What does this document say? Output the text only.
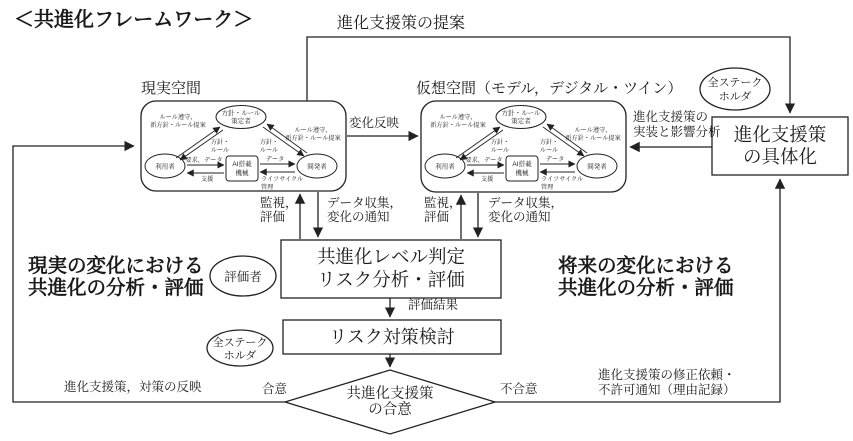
＜共進化フレームワーク＞	進化支援策の提案
現実空間	仮想空間（モデル，デジタル・ツイン）
方針・ルール
策定者
利用者	開発者
AI搭載
機械
ルール遵守，
新方針・ルール提案
ルール遵守，
新方針・ルール提案
方針・
ルール
方針・
ルール
要求，データ
支援
データ
ライフサイクル
管理
方針・ルール
策定者
利用者	開発者
AI搭載
機械
ルール遵守，
新方針・ルール提案
ルール遵守，
新方針・ルール提案
方針・
ルール
方針・
ルール
要求，データ
支援
データ
ライフサイクル
管理
変化反映
全ステーク
ホルダ
進化支援策
の具体化
進化支援策の
実装と影響分析
監視，
評価
データ収集，
変化の通知
監視，
評価
データ収集，
変化の通知
共進化レベル判定
リスク分析・評価
評価者
現実の変化における
共進化の分析・評価
将来の変化における
共進化の分析・評価
評価結果
リスク対策検討
全ステーク
ホルダ
共進化支援策
の合意
合意
進化支援策，対策の反映	不合意
進化支援策の修正依頼・
不許可通知（理由記録）
